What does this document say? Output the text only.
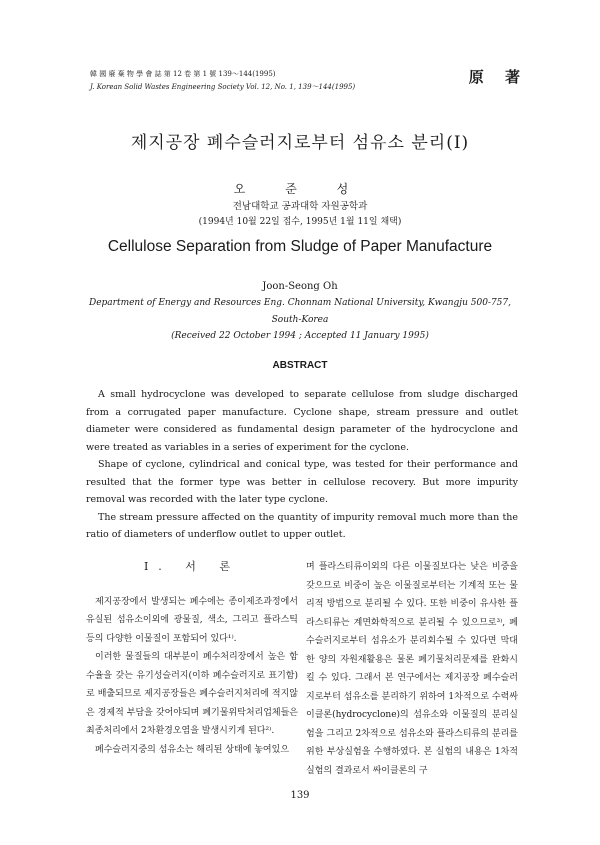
韓 國 廢 棄 物 學 會 誌 第 12 卷 第 1 號 139～144(1995)
J. Korean Solid Wastes Engineering Society Vol. 12, No. 1, 139～144(1995)
原 著
제지공장 폐수슬러지로부터 섬유소 분리(I)
오 준 성
전남대학교 공과대학 자원공학과
(1994년 10월 22일 접수, 1995년 1월 11일 채택)
Cellulose Separation from Sludge of Paper Manufacture
Joon-Seong Oh
Department of Energy and Resources Eng. Chonnam National University, Kwangju 500-757,
South-Korea
(Received 22 October 1994 ; Accepted 11 January 1995)
ABSTRACT

A small hydrocyclone was developed to separate cellulose from sludge discharged from a corrugated paper manufacture. Cyclone shape, stream pressure and outlet diameter were considered as fundamental design parameter of the hydrocyclone and were treated as variables in a series of experiment for the cyclone.

Shape of cyclone, cylindrical and conical type, was tested for their performance and resulted that the former type was better in cellulose recovery. But more impurity removal was recorded with the later type cyclone.

The stream pressure affected on the quantity of impurity removal much more than the ratio of diameters of underflow outlet to upper outlet.

I. 서 론

제지공장에서 발생되는 폐수에는 종이제조과정에서 유실된 섬유소이외에 광물질, 색소, 그리고 플라스틱 등의 다양한 이물질이 포함되어 있다¹⁾.

이러한 물질들의 대부분이 폐수처리장에서 높은 함수율을 갖는 유기성슬러지(이하 폐수슬러지로 표기함)로 배출되므로 제지공장들은 폐수슬러지처리에 적지않은 경제적 부담을 갖어야되며 폐기물위탁처리업체들은 최종처리에서 2차환경오염을 발생시키게 된다²⁾.

폐수슬러지중의 섬유소는 해리된 상태에 놓여있으

며 플라스티류이외의 다른 이물질보다는 낮은 비중을 갖으므로 비중이 높은 이물질로부터는 기계적 또는 물리적 방법으로 분리될 수 있다. 또한 비중이 유사한 플라스티류는 계면화학적으로 분리될 수 있으므로³⁾, 폐수슬러지로부터 섬유소가 분리회수될 수 있다면 막대한 양의 자원재활용은 물론 폐기물처리문제를 완화시킬 수 있다. 그래서 본 연구에서는 제지공장 폐수슬러지로부터 섬유소를 분리하기 위하여 1차적으로 수력싸이클론(hydrocyclone)의 섬유소와 이물질의 분리실험을 그리고 2차적으로 섬유소와 플라스티류의 분리를 위한 부상실험을 수행하였다. 본 실험의 내용은 1차적 실험의 결과로서 싸이클론의 구

139
